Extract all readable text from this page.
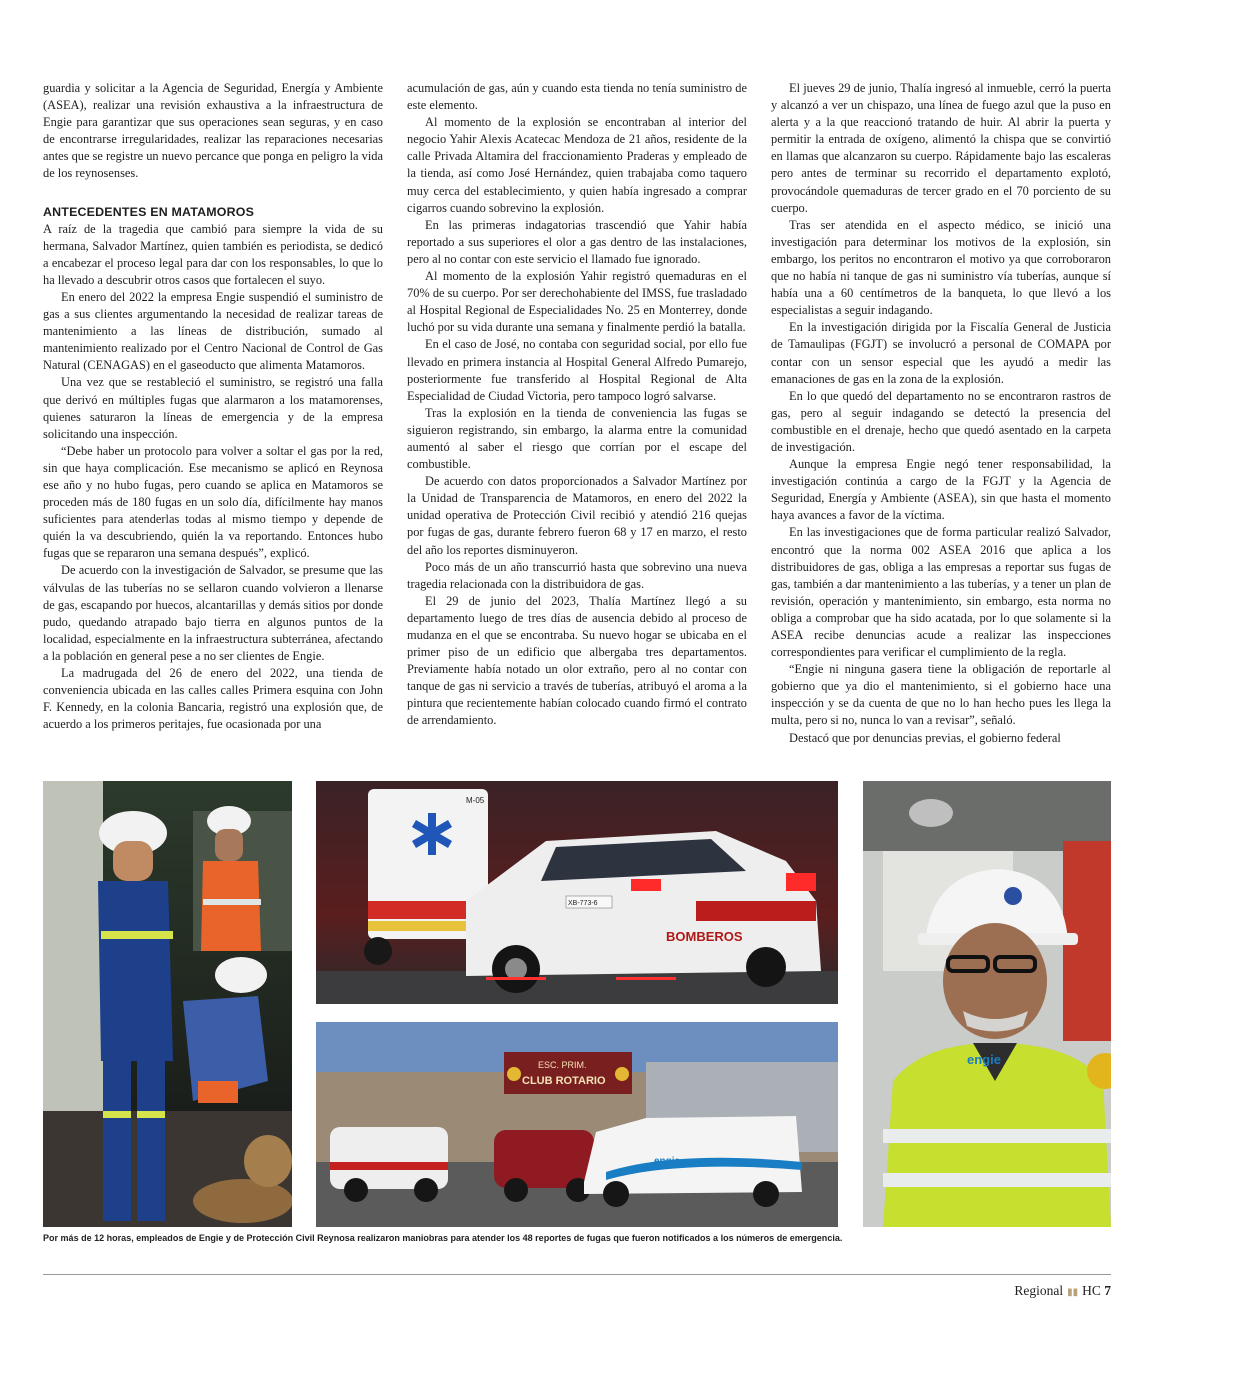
guardia y solicitar a la Agencia de Seguridad, Energía y Ambiente (ASEA), realizar una revisión exhaustiva a la infraestructura de Engie para garantizar que sus operaciones sean seguras, y en caso de encontrarse irregularidades, realizar las reparaciones necesarias antes que se registre un nuevo percance que ponga en peligro la vida de los reynosenses.

ANTECEDENTES EN MATAMOROS

A raíz de la tragedia que cambió para siempre la vida de su hermana, Salvador Martínez, quien también es periodista, se dedicó a encabezar el proceso legal para dar con los responsables, lo que lo ha llevado a descubrir otros casos que fortalecen el suyo.

En enero del 2022 la empresa Engie suspendió el suministro de gas a sus clientes argumentando la necesidad de realizar tareas de mantenimiento a las líneas de distribución, sumado al mantenimiento realizado por el Centro Nacional de Control de Gas Natural (CENAGAS) en el gaseoducto que alimenta Matamoros.

Una vez que se restableció el suministro, se registró una falla que derivó en múltiples fugas que alarmaron a los matamorenses, quienes saturaron la líneas de emergencia y de la empresa solicitando una inspección.

“Debe haber un protocolo para volver a soltar el gas por la red, sin que haya complicación. Ese mecanismo se aplicó en Reynosa ese año y no hubo fugas, pero cuando se aplica en Matamoros se proceden más de 180 fugas en un solo día, difícilmente hay manos suficientes para atenderlas todas al mismo tiempo y depende de quién la va descubriendo, quién la va reportando. Entonces hubo fugas que se repararon una semana después”, explicó.

De acuerdo con la investigación de Salvador, se presume que las válvulas de las tuberías no se sellaron cuando volvieron a llenarse de gas, escapando por huecos, alcantarillas y demás sitios por donde pudo, quedando atrapado bajo tierra en algunos puntos de la localidad, especialmente en la infraestructura subterránea, afectando a la población en general pese a no ser clientes de Engie.

La madrugada del 26 de enero del 2022, una tienda de conveniencia ubicada en las calles calles Primera esquina con John F. Kennedy, en la colonia Bancaria, registró una explosión que, de acuerdo a los primeros peritajes, fue ocasionada por una

acumulación de gas, aún y cuando esta tienda no tenía suministro de este elemento.

Al momento de la explosión se encontraban al interior del negocio Yahir Alexis Acatecac Mendoza de 21 años, residente de la calle Privada Altamira del fraccionamiento Praderas y empleado de la tienda, así como José Hernández, quien trabajaba como taquero muy cerca del establecimiento, y quien había ingresado a comprar cigarros cuando sobrevino la explosión.

En las primeras indagatorias trascendió que Yahir había reportado a sus superiores el olor a gas dentro de las instalaciones, pero al no contar con este servicio el llamado fue ignorado.

Al momento de la explosión Yahir registró quemaduras en el 70% de su cuerpo. Por ser derechohabiente del IMSS, fue trasladado al Hospital Regional de Especialidades No. 25 en Monterrey, donde luchó por su vida durante una semana y finalmente perdió la batalla.

En el caso de José, no contaba con seguridad social, por ello fue llevado en primera instancia al Hospital General Alfredo Pumarejo, posteriormente fue transferido al Hospital Regional de Alta Especialidad de Ciudad Victoria, pero tampoco logró salvarse.

Tras la explosión en la tienda de conveniencia las fugas se siguieron registrando, sin embargo, la alarma entre la comunidad aumentó al saber el riesgo que corrían por el escape del combustible.

De acuerdo con datos proporcionados a Salvador Martínez por la Unidad de Transparencia de Matamoros, en enero del 2022 la unidad operativa de Protección Civil recibió y atendió 216 quejas por fugas de gas, durante febrero fueron 68 y 17 en marzo, el resto del año los reportes disminuyeron.

Poco más de un año transcurrió hasta que sobrevino una nueva tragedia relacionada con la distribuidora de gas.

El 29 de junio del 2023, Thalía Martínez llegó a su departamento luego de tres días de ausencia debido al proceso de mudanza en el que se encontraba. Su nuevo hogar se ubicaba en el primer piso de un edificio que albergaba tres departamentos. Previamente había notado un olor extraño, pero al no contar con tanque de gas ni servicio a través de tuberías, atribuyó el aroma a la pintura que recientemente habían colocado cuando firmó el contrato de arrendamiento.

El jueves 29 de junio, Thalía ingresó al inmueble, cerró la puerta y alcanzó a ver un chispazo, una línea de fuego azul que la puso en alerta y a la que reaccionó tratando de huir. Al abrir la puerta y permitir la entrada de oxígeno, alimentó la chispa que se convirtió en llamas que alcanzaron su cuerpo. Rápidamente bajo las escaleras pero antes de terminar su recorrido el departamento explotó, provocándole quemaduras de tercer grado en el 70 porciento de su cuerpo.

Tras ser atendida en el aspecto médico, se inició una investigación para determinar los motivos de la explosión, sin embargo, los peritos no encontraron el motivo ya que corroboraron que no había ni tanque de gas ni suministro vía tuberías, aunque sí había una a 60 centímetros de la banqueta, lo que llevó a los especialistas a seguir indagando.

En la investigación dirigida por la Fiscalía General de Justicia de Tamaulipas (FGJT) se involucró a personal de COMAPA por contar con un sensor especial que les ayudó a medir las emanaciones de gas en la zona de la explosión.

En lo que quedó del departamento no se encontraron rastros de gas, pero al seguir indagando se detectó la presencia del combustible en el drenaje, hecho que quedó asentado en la carpeta de investigación.

Aunque la empresa Engie negó tener responsabilidad, la investigación continúa a cargo de la FGJT y la Agencia de Seguridad, Energía y Ambiente (ASEA), sin que hasta el momento haya avances a favor de la víctima.

En las investigaciones que de forma particular realizó Salvador, encontró que la norma 002 ASEA 2016 que aplica a los distribuidores de gas, obliga a las empresas a reportar sus fugas de gas, también a dar mantenimiento a las tuberías, y a tener un plan de revisión, operación y mantenimiento, sin embargo, esta norma no obliga a comprobar que ha sido acatada, por lo que solamente si la ASEA recibe denuncias acude a realizar las inspecciones correspondientes para verificar el cumplimiento de la regla.

“Engie ni ninguna gasera tiene la obligación de reportarle al gobierno que ya dio el mantenimiento, si el gobierno hace una inspección y se da cuenta de que no lo han hecho pues les llega la multa, pero si no, nunca lo van a revisar”, señaló.

Destacó que por denuncias previas, el gobierno federal

M-05
BOMBEROS
XB-773-6
ESC. PRIM.
CLUB ROTARIO
engie
engie
Por más de 12 horas, empleados de Engie y de Protección Civil Reynosa realizaron maniobras para atender los 48 reportes de fugas que fueron notificados a los números de emergencia.
Regional ▮▮ HC 7
